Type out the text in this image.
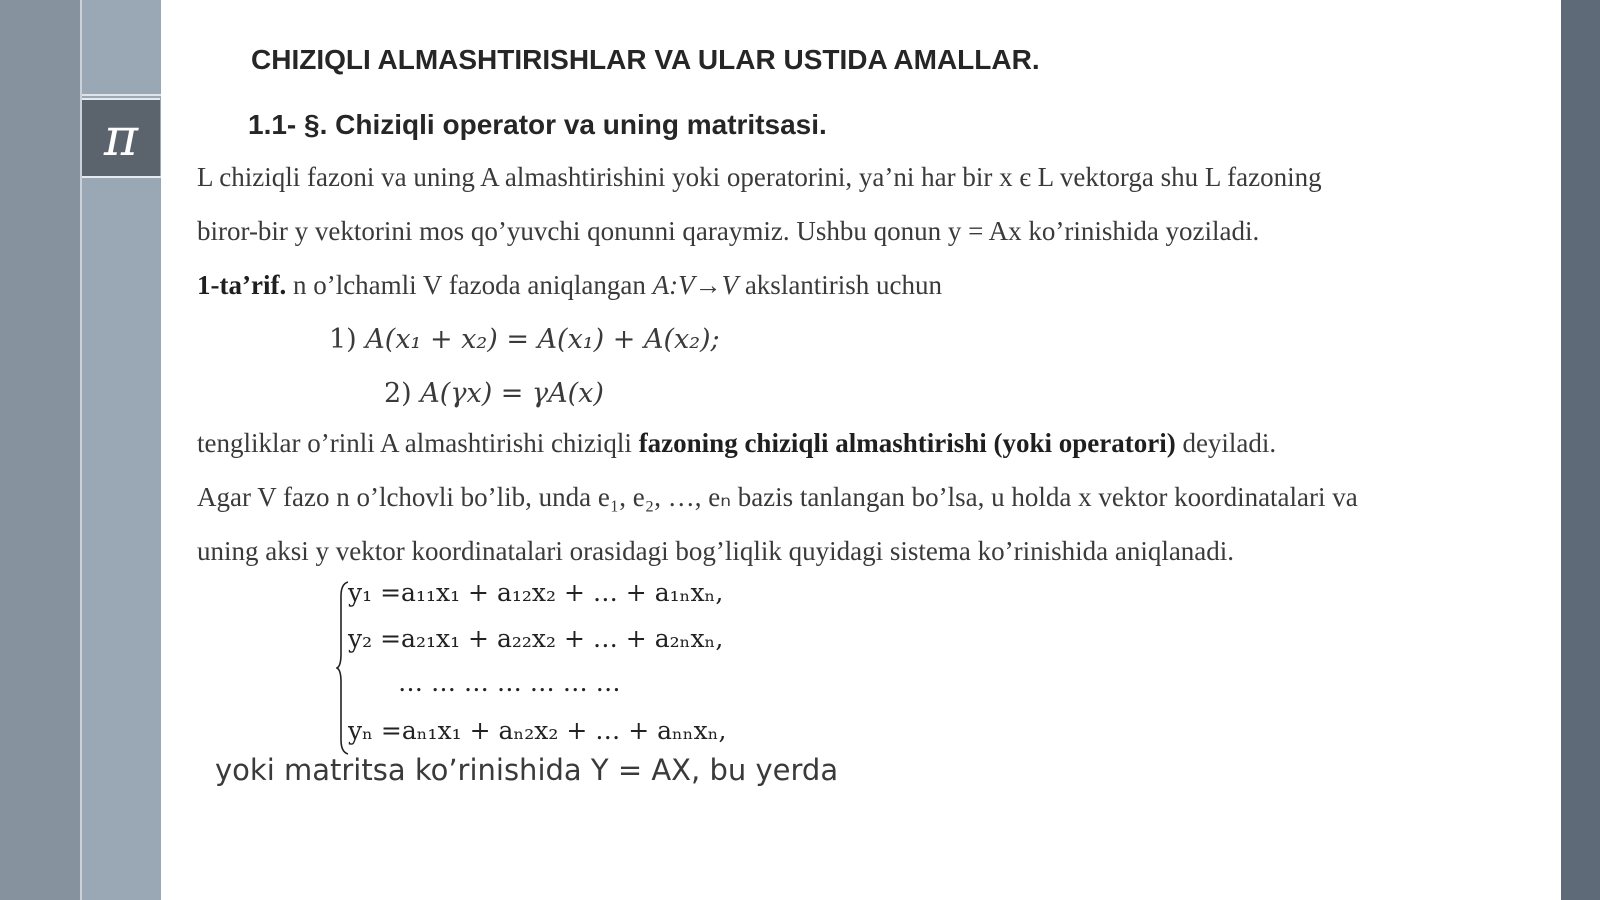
π
CHIZIQLI ALMASHTIRISHLAR VA ULAR USTIDA AMALLAR.
1.1- §. Chiziqli operator va uning matritsasi.
L chiziqli fazoni va uning A almashtirishini yoki operatorini, ya’ni har bir x є L vektorga shu L fazoning
biror-bir y vektorini mos qo’yuvchi qonunni qaraymiz. Ushbu qonun y = Ax ko’rinishida yoziladi.
1-ta’rif. n o’lchamli V fazoda aniqlangan A:V→V akslantirish uchun
1) A(x₁ + x₂) = A(x₁) + A(x₂);
2) A(γx) = γA(x)
tengliklar o’rinli A almashtirishi chiziqli fazoning chiziqli almashtirishi (yoki operatori) deyiladi.
Agar V fazo n o’lchovli bo’lib, unda e₁, e₂, …, eₙ bazis tanlangan bo’lsa, u holda x vektor koordinatalari va
uning aksi y vektor koordinatalari orasidagi bog’liqlik quyidagi sistema ko’rinishida aniqlanadi.
y₁ =a₁₁x₁ + a₁₂x₂ + … + a₁ₙxₙ,
y₂ =a₂₁x₁ + a₂₂x₂ + … + a₂ₙxₙ,
… … … … … … …
yₙ =aₙ₁x₁ + aₙ₂x₂ + … + aₙₙxₙ,
yoki matritsa ko’rinishida Y = AX, bu yerda
